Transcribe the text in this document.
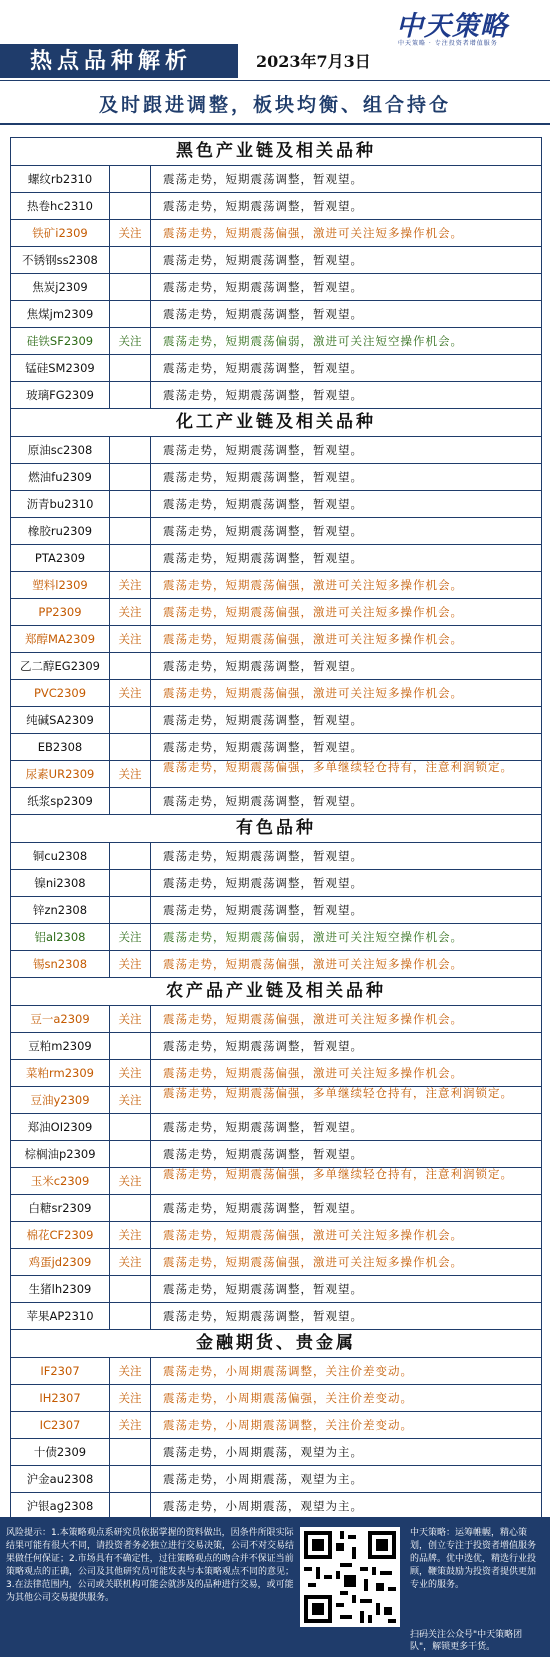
中天策略
中天策略 · 专注投资者增值服务
热点品种解析	2023年7月3日
及时跟进调整，板块均衡、组合持仓
黑色产业链及相关品种
螺纹rb2310	震荡走势，短期震荡调整，暂观望。
热卷hc2310	震荡走势，短期震荡调整，暂观望。
铁矿i2309	关注	震荡走势，短期震荡偏强，激进可关注短多操作机会。
不锈钢ss2308	震荡走势，短期震荡调整，暂观望。
焦炭j2309	震荡走势，短期震荡调整，暂观望。
焦煤jm2309	震荡走势，短期震荡调整，暂观望。
硅铁SF2309	关注	震荡走势，短期震荡偏弱，激进可关注短空操作机会。
锰硅SM2309	震荡走势，短期震荡调整，暂观望。
玻璃FG2309	震荡走势，短期震荡调整，暂观望。
化工产业链及相关品种
原油sc2308	震荡走势，短期震荡调整，暂观望。
燃油fu2309	震荡走势，短期震荡调整，暂观望。
沥青bu2310	震荡走势，短期震荡调整，暂观望。
橡胶ru2309	震荡走势，短期震荡调整，暂观望。
PTA2309	震荡走势，短期震荡调整，暂观望。
塑料l2309	关注	震荡走势，短期震荡偏强，激进可关注短多操作机会。
PP2309	关注	震荡走势，短期震荡偏强，激进可关注短多操作机会。
郑醇MA2309	关注	震荡走势，短期震荡偏强，激进可关注短多操作机会。
乙二醇EG2309	震荡走势，短期震荡调整，暂观望。
PVC2309	关注	震荡走势，短期震荡偏强，激进可关注短多操作机会。
纯碱SA2309	震荡走势，短期震荡调整，暂观望。
EB2308	震荡走势，短期震荡调整，暂观望。
尿素UR2309	关注	震荡走势，短期震荡偏强，多单继续轻仓持有，注意利润锁定。
纸浆sp2309	震荡走势，短期震荡调整，暂观望。
有色品种
铜cu2308	震荡走势，短期震荡调整，暂观望。
镍ni2308	震荡走势，短期震荡调整，暂观望。
锌zn2308	震荡走势，短期震荡调整，暂观望。
铝al2308	关注	震荡走势，短期震荡偏弱，激进可关注短空操作机会。
锡sn2308	关注	震荡走势，短期震荡偏强，激进可关注短多操作机会。
农产品产业链及相关品种
豆一a2309	关注	震荡走势，短期震荡偏强，激进可关注短多操作机会。
豆粕m2309	震荡走势，短期震荡调整，暂观望。
菜粕rm2309	关注	震荡走势，短期震荡偏强，激进可关注短多操作机会。
豆油y2309	关注	震荡走势，短期震荡偏强，多单继续轻仓持有，注意利润锁定。
郑油OI2309	震荡走势，短期震荡调整，暂观望。
棕榈油p2309	震荡走势，短期震荡调整，暂观望。
玉米c2309	关注	震荡走势，短期震荡偏强，多单继续轻仓持有，注意利润锁定。
白糖sr2309	震荡走势，短期震荡调整，暂观望。
棉花CF2309	关注	震荡走势，短期震荡偏强，激进可关注短多操作机会。
鸡蛋jd2309	关注	震荡走势，短期震荡偏强，激进可关注短多操作机会。
生猪lh2309	震荡走势，短期震荡调整，暂观望。
苹果AP2310	震荡走势，短期震荡调整，暂观望。
金融期货、贵金属
IF2307	关注	震荡走势，小周期震荡调整，关注价差变动。
IH2307	关注	震荡走势，小周期震荡偏强，关注价差变动。
IC2307	关注	震荡走势，小周期震荡调整，关注价差变动。
十债2309	震荡走势，小周期震荡，观望为主。
沪金au2308	震荡走势，小周期震荡，观望为主。
沪银ag2308	震荡走势，小周期震荡，观望为主。
风险提示：1.本策略观点系研究员依据掌握的资料做出，因条件所限实际结果可能有很大不同，请投资者务必独立进行交易决策，公司不对交易结果做任何保证；2.市场具有不确定性，过往策略观点的吻合并不保证当前策略观点的正确，公司及其他研究员可能发表与本策略观点不同的意见；3.在法律范围内，公司或关联机构可能会就涉及的品种进行交易，或可能为其他公司交易提供服务。
中天策略：运筹帷幄，精心策划，创立专注于投资者增值服务的品牌。优中选优，精选行业投顾，鞭策鼓励为投资者提供更加专业的服务。
扫码关注公众号"中天策略团队"，解锁更多干货。
